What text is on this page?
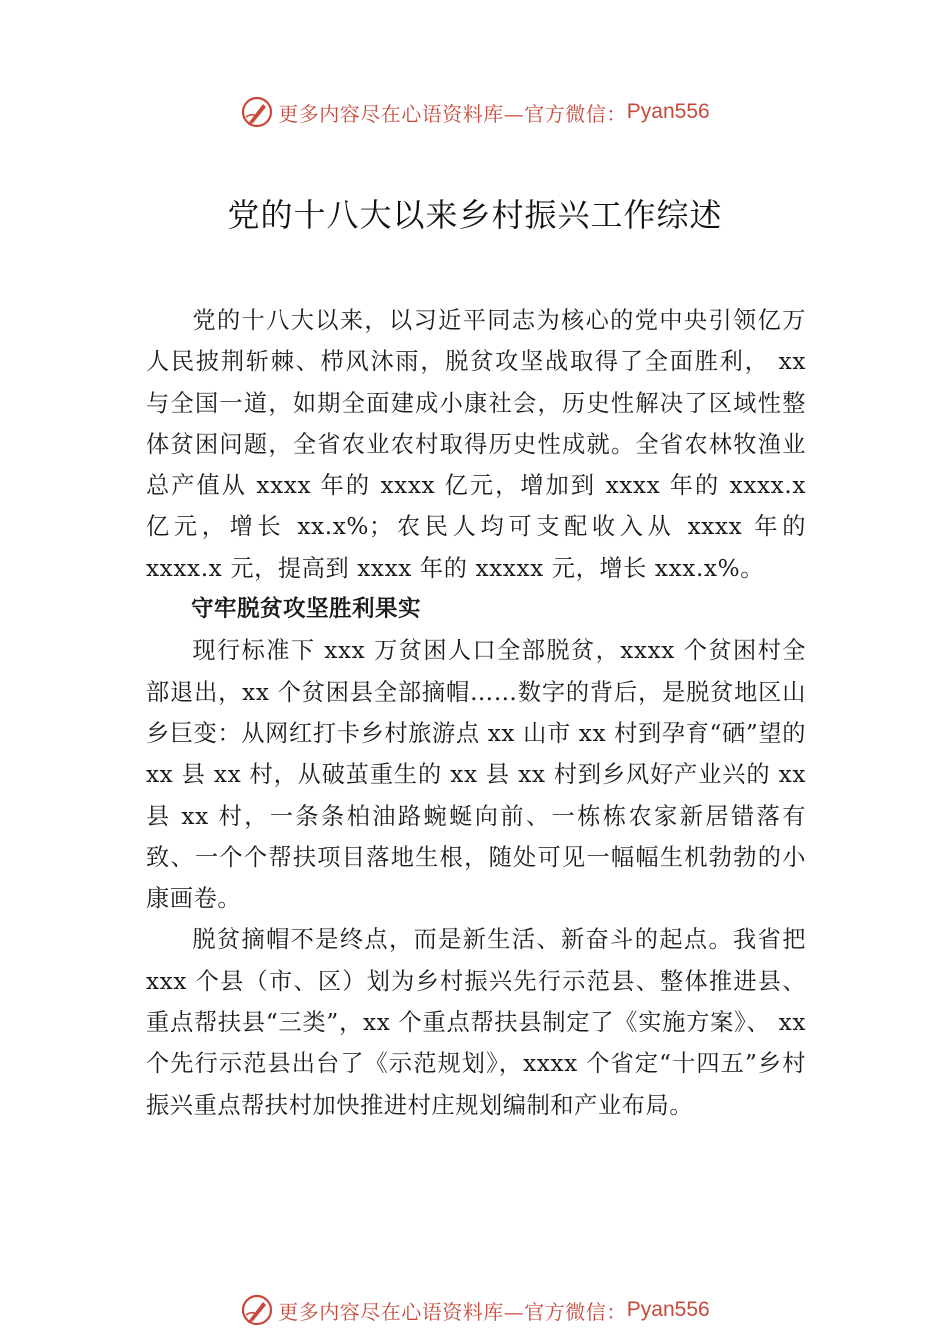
更多内容尽在心语资料库—官方微信： Pyan556
党的十八大以来乡村振兴工作综述

党的十八大以来，以习近平同志为核心的党中央引领亿万人民披荆斩棘、栉风沐雨，脱贫攻坚战取得了全面胜利， xx 与全国一道，如期全面建成小康社会，历史性解决了区域性整体贫困问题，全省农业农村取得历史性成就。全省农林牧渔业总产值从 xxxx 年的 xxxx 亿元，增加到 xxxx 年的 xxxx.x 亿元，增长 xx.x%；农民人均可支配收入从 xxxx 年的 xxxx.x 元，提高到 xxxx 年的 xxxxx 元，增长 xxx.x%。

守牢脱贫攻坚胜利果实

现行标准下 xxx 万贫困人口全部脱贫，xxxx 个贫困村全部退出，xx 个贫困县全部摘帽……数字的背后，是脱贫地区山乡巨变：从网红打卡乡村旅游点 xx 山市 xx 村到孕育“硒”望的 xx 县 xx 村，从破茧重生的 xx 县 xx 村到乡风好产业兴的 xx 县 xx 村，一条条柏油路蜿蜒向前、一栋栋农家新居错落有致、一个个帮扶项目落地生根，随处可见一幅幅生机勃勃的小康画卷。

脱贫摘帽不是终点，而是新生活、新奋斗的起点。我省把 xxx 个县（市、区）划为乡村振兴先行示范县、整体推进县、重点帮扶县“三类”，xx 个重点帮扶县制定了《实施方案》、 xx 个先行示范县出台了《示范规划》，xxxx 个省定“十四五”乡村振兴重点帮扶村加快推进村庄规划编制和产业布局。

更多内容尽在心语资料库—官方微信： Pyan556
